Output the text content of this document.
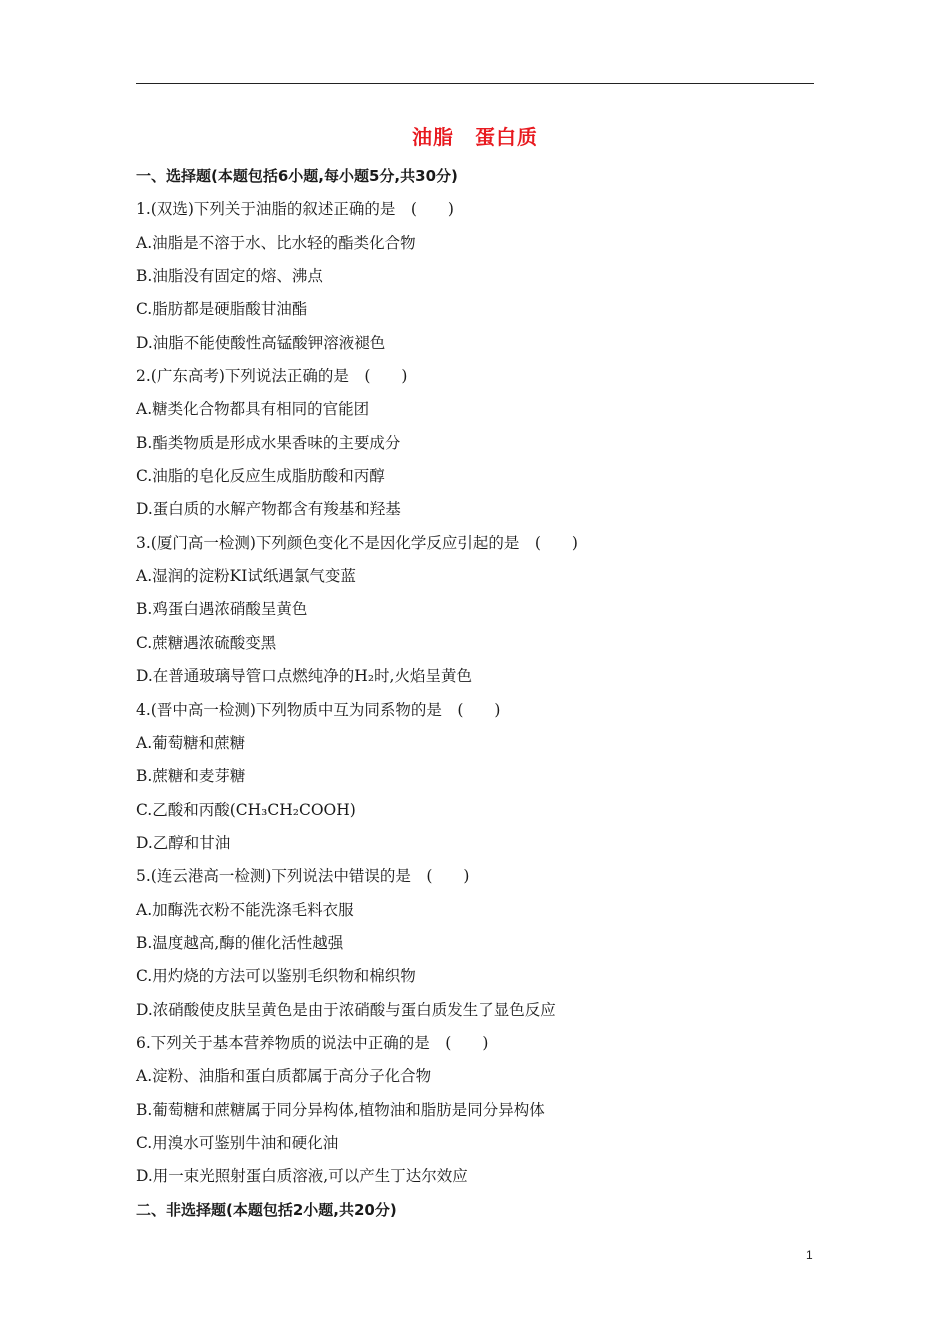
油脂　蛋白质
一、选择题(本题包括6小题,每小题5分,共30分)
1.(双选)下列关于油脂的叙述正确的是　(　　)
A.油脂是不溶于水、比水轻的酯类化合物
B.油脂没有固定的熔、沸点
C.脂肪都是硬脂酸甘油酯
D.油脂不能使酸性高锰酸钾溶液褪色
2.(广东高考)下列说法正确的是　(　　)
A.糖类化合物都具有相同的官能团
B.酯类物质是形成水果香味的主要成分
C.油脂的皂化反应生成脂肪酸和丙醇
D.蛋白质的水解产物都含有羧基和羟基
3.(厦门高一检测)下列颜色变化不是因化学反应引起的是　(　　)
A.湿润的淀粉KI试纸遇氯气变蓝
B.鸡蛋白遇浓硝酸呈黄色
C.蔗糖遇浓硫酸变黑
D.在普通玻璃导管口点燃纯净的H₂时,火焰呈黄色
4.(晋中高一检测)下列物质中互为同系物的是　(　　)
A.葡萄糖和蔗糖
B.蔗糖和麦芽糖
C.乙酸和丙酸(CH₃CH₂COOH)
D.乙醇和甘油
5.(连云港高一检测)下列说法中错误的是　(　　)
A.加酶洗衣粉不能洗涤毛料衣服
B.温度越高,酶的催化活性越强
C.用灼烧的方法可以鉴别毛织物和棉织物
D.浓硝酸使皮肤呈黄色是由于浓硝酸与蛋白质发生了显色反应
6.下列关于基本营养物质的说法中正确的是　(　　)
A.淀粉、油脂和蛋白质都属于高分子化合物
B.葡萄糖和蔗糖属于同分异构体,植物油和脂肪是同分异构体
C.用溴水可鉴别牛油和硬化油
D.用一束光照射蛋白质溶液,可以产生丁达尔效应
二、非选择题(本题包括2小题,共20分)
1
